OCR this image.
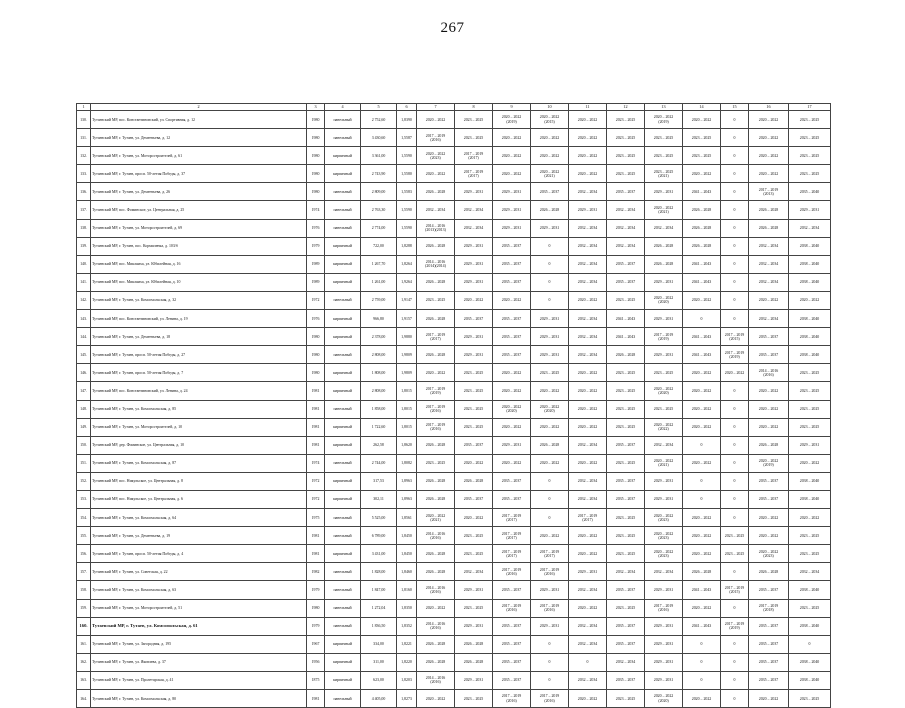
267
1	2	3	4	5	6	7	8	9	10	11	12	13	14	15	16	17
130.	Тутаевский МР, пос. Константиновский, ул. Спортивная, д. 12	1980	панельный	2 752,60	1,8390	2020 – 2022	2023 – 2025	2020 – 2022
(2019)	2020 – 2022
(2015)	2020 – 2022	2023 – 2025	2020 – 2022
(2019)	2020 – 2022	0	2020 – 2022	2023 – 2025
131.	Тутаевский МР, г. Тутаев, ул. Дементьева, д. 12	1980	панельный	3 430,60	1,5587	2017 – 2019
(2016)	2023 – 2025	2020 – 2022	2020 – 2022	2020 – 2022	2023 – 2025	2023 – 2025	2023 – 2025	0	2020 – 2022	2023 – 2025
132.	Тутаевский МР, г. Тутаев, ул. Моторостроителей, д. 61	1980	кирпичный	3 361,00	1,5590	2020 – 2022
(2023)	2017 – 2019
(2017)	2020 – 2022	2020 – 2022	2020 – 2022	2023 – 2025	2023 – 2025	2023 – 2025	0	2020 – 2022	2023 – 2025
133.	Тутаевский МР, г. Тутаев, просп. 50-летия Победы, д. 37	1980	кирпичный	2 743,90	1,5580	2020 – 2022	2017 – 2019
(2017)	2020 – 2022	2020 – 2022
(2021)	2020 – 2022	2023 – 2025	2023 – 2025
(2021)	2020 – 2022	0	2020 – 2022	2023 – 2025
136.	Тутаевский МР, г. Тутаев, ул. Дементьева, д. 26	1980	панельный	2 809,00	1,5583	2026 – 2028	2029 – 2031	2029 – 2031	2035 – 2037	2032 – 2034	2035 – 2037	2029 – 2031	2041 – 2043	0	2017 – 2019
(2013)	2035 – 2040
137.	Тутаевский МР, пос. Фоминское, ул. Центральная, д. 25	1974	панельный	2 763,30	1,5590	2032 – 2034	2032 – 2034	2029 – 2031	2026 – 2028	2029 – 2031	2032 – 2034	2020 – 2022
(2021)	2026 – 2028	0	2026 – 2028	2029 – 2031
138.	Тутаевский МР, г. Тутаев, ул. Моторостроителей, д. 69	1976	панельный	2 774,00	1,5590	2014 – 2016
(2013)(2013)	2032 – 2034	2029 – 2031	2029 – 2031	2032 – 2034	2032 – 2034	2032 – 2034	2026 – 2028	0	2026 – 2028	2032 – 2034
139.	Тутаевский МР, г. Тутаев, пос. Кормиленка, д. 103/б	1979	кирпичный	722,00	1,8288	2026 – 2028	2029 – 2031	2035 – 2037	0	2032 – 2034	2032 – 2034	2026 – 2028	2026 – 2028	0	2032 – 2034	2038 – 2040
140.	Тутаевский МР, пос. Микляиха, ул. Юбилейная, д. 16	1989	кирпичный	1 267,70	1,8264	2014 – 2016
(2014)(2014)	2029 – 2031	2035 – 2037	0	2032 – 2034	2035 – 2037	2026 – 2028	2041 – 2043	0	2032 – 2034	2038 – 2040
141.	Тутаевский МР, пос. Микляиха, ул. Юбилейная, д. 10	1989	кирпичный	1 261,00	1,9264	2026 – 2028	2029 – 2031	2035 – 2037	0	2032 – 2034	2035 – 2037	2029 – 2031	2041 – 2043	0	2032 – 2034	2038 – 2040
142.	Тутаевский МР, г. Тутаев, ул. Комсомольская, д. 32	1972	панельный	2 759,00	1,9147	2023 – 2025	2020 – 2022	2020 – 2022	0	2020 – 2022	2023 – 2025	2020 – 2022
(2020)	2020 – 2022	0	2020 – 2022	2020 – 2022
143.	Тутаевский МР, пос. Константиновский, ул. Ленина, д. 19	1976	кирпичный	966,80	1,9157	2026 – 2028	2035 – 2037	2035 – 2037	2029 – 2031	2032 – 2034	2041 – 2043	2029 – 2031	0	0	2032 – 2034	2038 – 2040
144.	Тутаевский МР, г. Тутаев, ул. Дементьева, д. 18	1980	кирпичный	2 378,00	1,9880	2017 – 2019
(2017)	2029 – 2031	2035 – 2037	2029 – 2031	2032 – 2034	2041 – 2043	2017 – 2019
(2019)	2041 – 2043	2017 – 2019
(2015)	2035 – 2037	2038 – 2040
145.	Тутаевский МР, г. Тутаев, просп. 50-летия Победы, д. 27	1980	панельный	2 808,00	1,9809	2026 – 2028	2029 – 2031	2035 – 2037	2029 – 2031	2032 – 2034	2026 – 2028	2029 – 2031	2041 – 2043	2017 – 2019
(2019)	2035 – 2037	2038 – 2040
146.	Тутаевский МР, г. Тутаев, просп. 50-летия Победы, д. 7	1980	кирпичный	1 808,00	1,9809	2020 – 2022	2023 – 2025	2020 – 2022	2023 – 2025	2020 – 2022	2023 – 2025	2023 – 2025	2020 – 2022	2020 – 2022	2014 – 2016
(2016)	2023 – 2025
147.	Тутаевский МР, пос. Константиновский, ул. Ленина, д. 24	1981	кирпичный	2 808,00	1,8015	2017 – 2019
(2019)	2023 – 2025	2020 – 2022	2020 – 2022	2020 – 2022	2023 – 2025	2020 – 2022
(2020)	2020 – 2022	0	2020 – 2022	2023 – 2025
148.	Тутаевский МР, г. Тутаев, ул. Комсомольская, д. 85	1981	панельный	1 858,00	1,8015	2017 – 2019
(2016)	2023 – 2025	2020 – 2022
(2020)	2020 – 2022
(2020)	2020 – 2022	2023 – 2025	2023 – 2025	2020 – 2022	0	2020 – 2022	2023 – 2025
149.	Тутаевский МР, г. Тутаев, ул. Моторостроителей, д. 10	1981	кирпичный	1 722,60	1,8015	2017 – 2019
(2016)	2023 – 2025	2020 – 2022	2020 – 2022	2020 – 2022	2023 – 2025	2020 – 2022
(2022)	2020 – 2022	0	2020 – 2022	2023 – 2025
150.	Тутаевский МР, дер. Фоминское, ул. Центральная, д. 10	1981	кирпичный	262,58	1,8620	2026 – 2028	2035 – 2037	2029 – 2031	2026 – 2028	2032 – 2034	2035 – 2037	2032 – 2034	0	0	2026 – 2028	2029 – 2031
151.	Тутаевский МР, г. Тутаев, ул. Комсомольская, д. 87	1974	панельный	2 744,00	1,8082	2023 – 2025	2020 – 2022	2020 – 2022	2020 – 2022	2020 – 2022	2023 – 2025	2020 – 2022
(2021)	2020 – 2022	0	2020 – 2022
(2019)	2020 – 2022
152.	Тутаевский МР, пос. Никульское, ул. Центральная, д. 8	1972	кирпичный	317,53	1,8963	2026 – 2028	2026 – 2028	2035 – 2037	0	2032 – 2034	2035 – 2037	2029 – 2031	0	0	2035 – 2037	2038 – 2040
153.	Тутаевский МР, пос. Никульское, ул. Центральная, д. 6	1972	кирпичный	302,11	1,8963	2026 – 2028	2035 – 2037	2035 – 2037	0	2032 – 2034	2035 – 2037	2029 – 2031	0	0	2035 – 2037	2038 – 2040
154.	Тутаевский МР, г. Тутаев, ул. Комсомольская, д. 64	1975	панельный	5 525,00	1,8561	2020 – 2022
(2021)	2020 – 2022	2017 – 2019
(2017)	0	2017 – 2019
(2017)	2023 – 2025	2020 – 2022
(2023)	2020 – 2022	0	2020 – 2022	2020 – 2022
155.	Тутаевский МР, г. Тутаев, ул. Дементьева, д. 19	1981	панельный	6 789,00	1,8450	2014 – 2016
(2016)	2023 – 2025	2017 – 2019
(2017)	2020 – 2022	2020 – 2022	2023 – 2025	2020 – 2022
(2023)	2020 – 2022	2023 – 2025	2020 – 2022	2023 – 2025
156.	Тутаевский МР, г. Тутаев, просп. 50-летия Победы, д. 4	1981	кирпичный	3 431,00	1,8450	2026 – 2028	2023 – 2025	2017 – 2019
(2017)	2017 – 2019
(2017)	2020 – 2022	2023 – 2025	2020 – 2022
(2023)	2020 – 2022	2023 – 2025	2020 – 2022
(2023)	2023 – 2025
157.	Тутаевский МР, г. Тутаев, ул. Советская, д. 22	1982	панельный	1 828,00	1,8460	2026 – 2028	2032 – 2034	2017 – 2019
(2016)	2017 – 2019
(2016)	2029 – 2031	2032 – 2034	2032 – 2034	2026 – 2028	0	2026 – 2028	2032 – 2034
158.	Тутаевский МР, г. Тутаев, ул. Комсомольская, д. 63	1979	панельный	1 847,00	1,8160	2014 – 2016
(2016)	2029 – 2031	2035 – 2037	2029 – 2031	2032 – 2034	2035 – 2037	2029 – 2031	2041 – 2043	2017 – 2019
(2015)	2035 – 2037	2038 – 2040
159.	Тутаевский МР, г. Тутаев, ул. Моторостроителей, д. 51	1980	панельный	1 272,04	1,8350	2020 – 2022	2023 – 2025	2017 – 2019
(2016)	2017 – 2019
(2016)	2020 – 2022	2023 – 2025	2017 – 2019
(2016)	2020 – 2022	0	2017 – 2019
(2018)	2023 – 2025
160.	Тутаевский МР, г. Тутаев, ул. Комсомольская, д. 61	1979	панельный	1 836,50	1,8352	2014 – 2016
(2016)	2029 – 2031	2035 – 2037	2029 – 2031	2032 – 2034	2035 – 2037	2029 – 2031	2041 – 2043	2017 – 2019
(2019)	2035 – 2037	2038 – 2040
161.	Тутаевский МР, г. Тутаев, ул. Загородная, д. 195	1967	кирпичный	334,00	1,8221	2026 – 2028	2026 – 2028	2035 – 2037	0	2032 – 2034	2035 – 2037	2029 – 2031	0	0	2035 – 2037	0
162.	Тутаевский МР, г. Тутаев, ул. Яковлева, д. 37	1956	кирпичный	311,00	1,8220	2026 – 2028	2026 – 2028	2035 – 2037	0	0	2032 – 2034	2029 – 2031	0	0	2035 – 2037	2038 – 2040
163.	Тутаевский МР, г. Тутаев, ул. Пролетарская, д. 41	1875	кирпичный	623,00	1,8203	2014 – 2016
(2016)	2029 – 2031	2035 – 2037	0	2032 – 2034	2035 – 2037	2029 – 2031	0	0	2035 – 2037	2038 – 2040
164.	Тутаевский МР, г. Тутаев, ул. Комсомольская, д. 80	1981	панельный	4 405,00	1,8273	2020 – 2022	2023 – 2025	2017 – 2019
(2016)	2017 – 2019
(2016)	2020 – 2022	2023 – 2025	2020 – 2022
(2020)	2020 – 2022	0	2020 – 2022	2023 – 2025
